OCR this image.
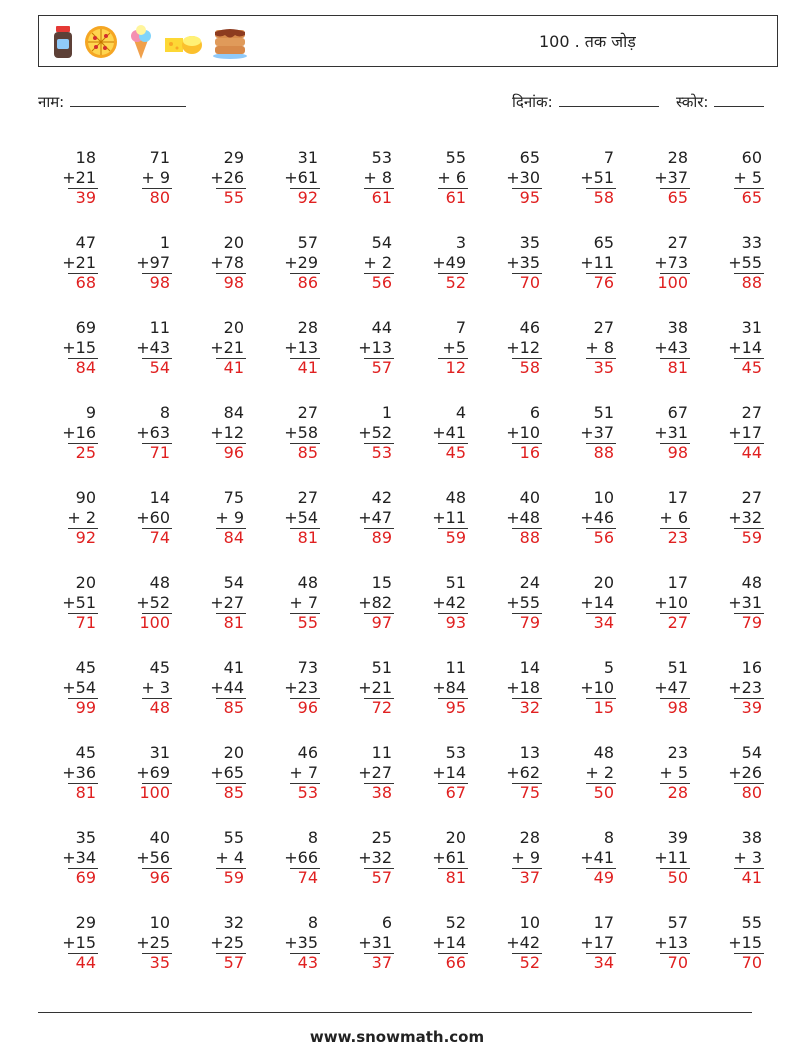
100 . तक जोड़
नाम:	दिनांक:	स्कोर:
18
+21
39
71
+ 9
80
29
+26
55
31
+61
92
53
+ 8
61
55
+ 6
61
65
+30
95
7
+51
58
28
+37
65
60
+ 5
65
47
+21
68
1
+97
98
20
+78
98
57
+29
86
54
+ 2
56
3
+49
52
35
+35
70
65
+11
76
27
+73
100
33
+55
88
69
+15
84
11
+43
54
20
+21
41
28
+13
41
44
+13
57
7
+5
12
46
+12
58
27
+ 8
35
38
+43
81
31
+14
45
9
+16
25
8
+63
71
84
+12
96
27
+58
85
1
+52
53
4
+41
45
6
+10
16
51
+37
88
67
+31
98
27
+17
44
90
+ 2
92
14
+60
74
75
+ 9
84
27
+54
81
42
+47
89
48
+11
59
40
+48
88
10
+46
56
17
+ 6
23
27
+32
59
20
+51
71
48
+52
100
54
+27
81
48
+ 7
55
15
+82
97
51
+42
93
24
+55
79
20
+14
34
17
+10
27
48
+31
79
45
+54
99
45
+ 3
48
41
+44
85
73
+23
96
51
+21
72
11
+84
95
14
+18
32
5
+10
15
51
+47
98
16
+23
39
45
+36
81
31
+69
100
20
+65
85
46
+ 7
53
11
+27
38
53
+14
67
13
+62
75
48
+ 2
50
23
+ 5
28
54
+26
80
35
+34
69
40
+56
96
55
+ 4
59
8
+66
74
25
+32
57
20
+61
81
28
+ 9
37
8
+41
49
39
+11
50
38
+ 3
41
29
+15
44
10
+25
35
32
+25
57
8
+35
43
6
+31
37
52
+14
66
10
+42
52
17
+17
34
57
+13
70
55
+15
70
www.snowmath.com
